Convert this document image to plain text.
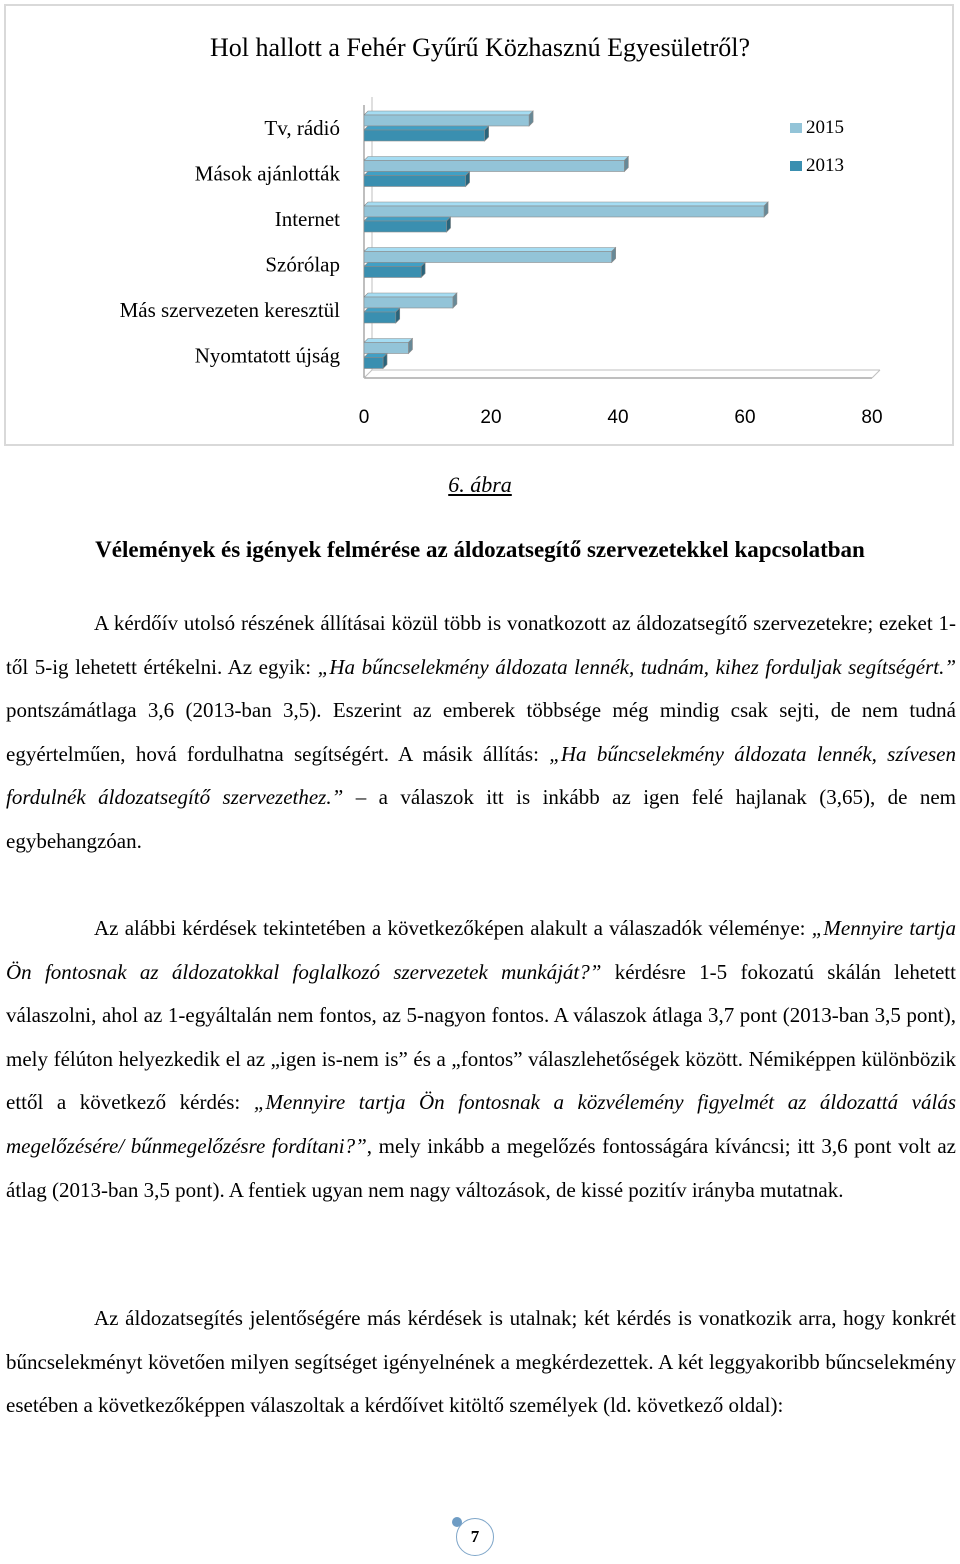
Hol hallott a Fehér Gyűrű Közhasznú Egyesületről?
0	20	40	60	80
Tv, rádió
Mások ajánlották
Internet
Szórólap
Más szervezeten keresztül
Nyomtatott újság
2015
2013
6. ábra
Vélemények és igények felmérése az áldozatsegítő szervezetekkel kapcsolatban

A kérdőív utolsó részének állításai közül több is vonatkozott az áldozatsegítő szervezetekre; ezeket 1-től 5-ig lehetett értékelni. Az egyik: „Ha bűncselekmény áldozata lennék, tudnám, kihez forduljak segítségért.” pontszámátlaga 3,6 (2013-ban 3,5). Eszerint az emberek többsége még mindig csak sejti, de nem tudná egyértelműen, hová fordulhatna segítségért. A másik állítás: „Ha bűncselekmény áldozata lennék, szívesen fordulnék áldozatsegítő szervezethez.” – a válaszok itt is inkább az igen felé hajlanak (3,65), de nem egybehangzóan.

Az alábbi kérdések tekintetében a következőképen alakult a válaszadók véleménye: „Mennyire tartja Ön fontosnak az áldozatokkal foglalkozó szervezetek munkáját?” kérdésre 1-5 fokozatú skálán lehetett válaszolni, ahol az 1-egyáltalán nem fontos, az 5-nagyon fontos. A válaszok átlaga 3,7 pont (2013-ban 3,5 pont), mely félúton helyezkedik el az „igen is-nem is” és a „fontos” válaszlehetőségek között. Némiképpen különbözik ettől a következő kérdés: „Mennyire tartja Ön fontosnak a közvélemény figyelmét az áldozattá válás megelőzésére/ bűnmegelőzésre fordítani?”, mely inkább a megelőzés fontosságára kíváncsi; itt 3,6 pont volt az átlag (2013-ban 3,5 pont). A fentiek ugyan nem nagy változások, de kissé pozitív irányba mutatnak.

Az áldozatsegítés jelentőségére más kérdések is utalnak; két kérdés is vonatkozik arra, hogy konkrét bűncselekményt követően milyen segítséget igényelnének a megkérdezettek. A két leggyakoribb bűncselekmény esetében a következőképpen válaszoltak a kérdőívet kitöltő személyek (ld. következő oldal):

7
